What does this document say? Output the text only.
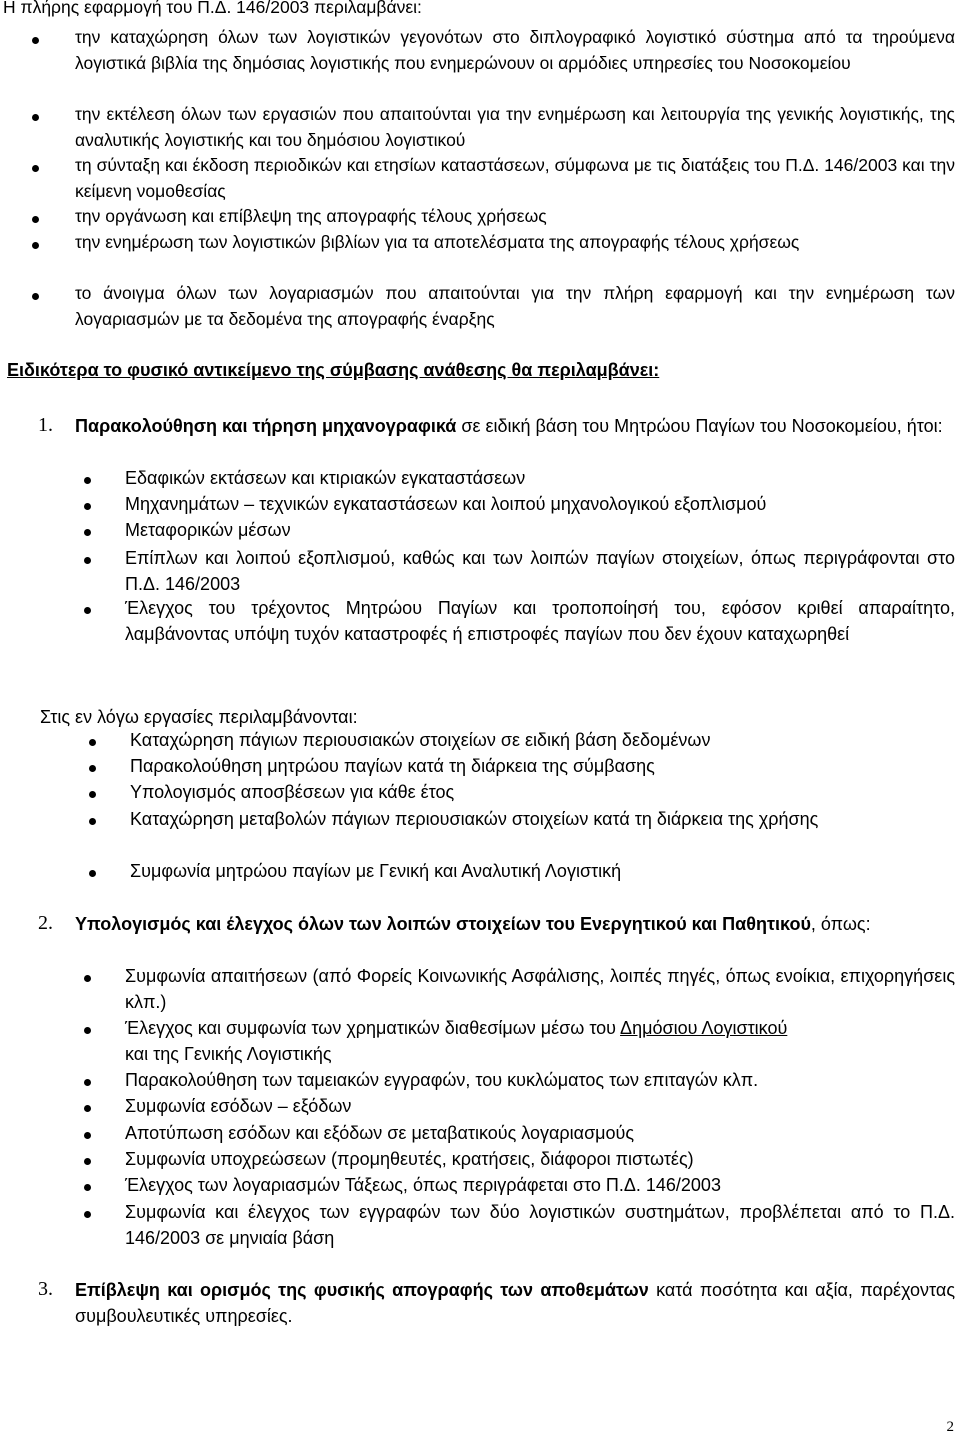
Η πλήρης εφαρμογή του Π.Δ. 146/2003 περιλαμβάνει:
την καταχώρηση όλων των λογιστικών γεγονότων στο διπλογραφικό λογιστικό σύστημα από τα τηρούμενα λογιστικά βιβλία της δημόσιας λογιστικής που ενημερώνουν οι αρμόδιες υπηρεσίες του Νοσοκομείου
την εκτέλεση όλων των εργασιών που απαιτούνται για την ενημέρωση και λειτουργία της γενικής λογιστικής, της αναλυτικής λογιστικής και του δημόσιου λογιστικού
τη σύνταξη και έκδοση περιοδικών και ετησίων καταστάσεων, σύμφωνα με τις διατάξεις του Π.Δ. 146/2003 και την κείμενη νομοθεσίας
την οργάνωση και επίβλεψη της απογραφής τέλους χρήσεως
την ενημέρωση των λογιστικών βιβλίων για τα αποτελέσματα της απογραφής τέλους χρήσεως
το άνοιγμα όλων των λογαριασμών που απαιτούνται για την πλήρη εφαρμογή και την ενημέρωση των λογαριασμών με τα δεδομένα της απογραφής έναρξης
Ειδικότερα το φυσικό αντικείμενο της σύμβασης ανάθεσης θα περιλαμβάνει:
1. Παρακολούθηση και τήρηση μηχανογραφικά σε ειδική βάση του Μητρώου Παγίων του Νοσοκομείου, ήτοι:
Εδαφικών εκτάσεων και κτιριακών εγκαταστάσεων
Μηχανημάτων – τεχνικών εγκαταστάσεων και λοιπού μηχανολογικού εξοπλισμού
Μεταφορικών μέσων
Επίπλων και λοιπού εξοπλισμού, καθώς και των λοιπών παγίων στοιχείων, όπως περιγράφονται στο Π.Δ. 146/2003
Έλεγχος του τρέχοντος Μητρώου Παγίων και τροποποίησή του, εφόσον κριθεί απαραίτητο, λαμβάνοντας υπόψη τυχόν καταστροφές ή επιστροφές παγίων που δεν έχουν καταχωρηθεί
Στις εν λόγω εργασίες περιλαμβάνονται:
Καταχώρηση πάγιων περιουσιακών στοιχείων σε ειδική βάση δεδομένων
Παρακολούθηση μητρώου παγίων κατά τη διάρκεια της σύμβασης
Υπολογισμός αποσβέσεων για κάθε έτος
Καταχώρηση μεταβολών πάγιων περιουσιακών στοιχείων κατά τη διάρκεια της χρήσης
Συμφωνία μητρώου παγίων με Γενική και Αναλυτική Λογιστική
2. Υπολογισμός και έλεγχος όλων των λοιπών στοιχείων του Ενεργητικού και Παθητικού, όπως:
Συμφωνία απαιτήσεων (από Φορείς Κοινωνικής Ασφάλισης, λοιπές πηγές, όπως ενοίκια, επιχορηγήσεις κλπ.)
Έλεγχος και συμφωνία των χρηματικών διαθεσίμων μέσω του Δημόσιου Λογιστικού
και της Γενικής Λογιστικής
Παρακολούθηση των ταμειακών εγγραφών, του κυκλώματος των επιταγών κλπ.
Συμφωνία εσόδων – εξόδων
Αποτύπωση εσόδων και εξόδων σε μεταβατικούς λογαριασμούς
Συμφωνία υποχρεώσεων (προμηθευτές, κρατήσεις, διάφοροι πιστωτές)
Έλεγχος των λογαριασμών Τάξεως, όπως περιγράφεται στο Π.Δ. 146/2003
Συμφωνία και έλεγχος των εγγραφών των δύο λογιστικών συστημάτων, προβλέπεται από το Π.Δ. 146/2003 σε μηνιαία βάση
3. Επίβλεψη και ορισμός της φυσικής απογραφής των αποθεμάτων κατά ποσότητα και αξία, παρέχοντας συμβουλευτικές υπηρεσίες.
2
